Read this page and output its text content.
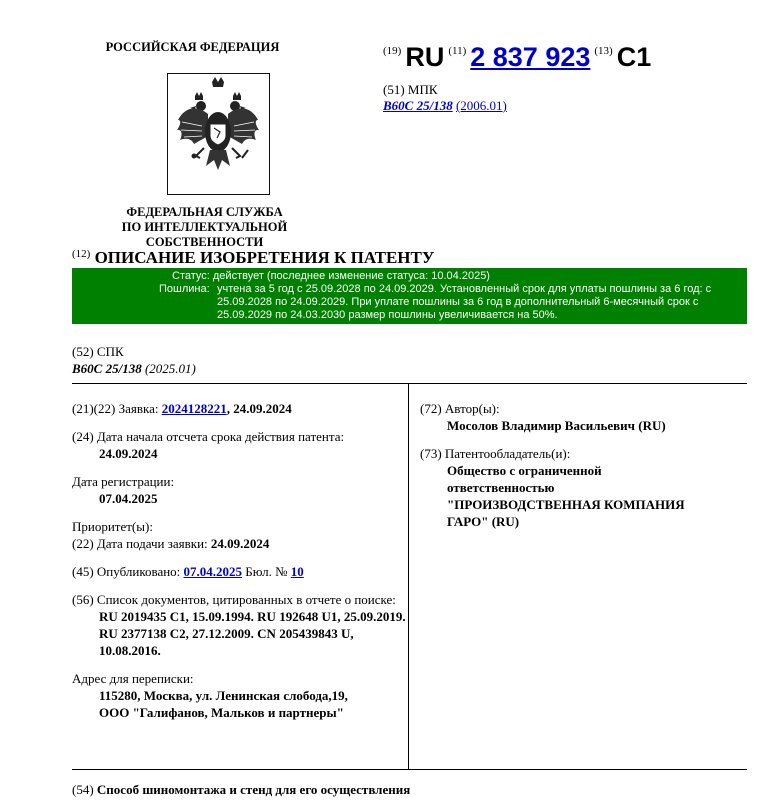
РОССИЙСКАЯ ФЕДЕРАЦИЯ
ФЕДЕРАЛЬНАЯ СЛУЖБА
ПО ИНТЕЛЛЕКТУАЛЬНОЙ СОБСТВЕННОСТИ
$^{(19)}$ RU $^{(11)}$ 2 837 923 $^{(13)}$ C1
(51) МПК
B60C 25/138 (2006.01)
$^{(12)}$ ОПИСАНИЕ ИЗОБРЕТЕНИЯ К ПАТЕНТУ
Статус: действует (последнее изменение статуса: 10.04.2025)
Пошлина: учтена за 5 год с 25.09.2028 по 24.09.2029. Установленный срок для уплаты пошлины за 6 год: с 25.09.2028 по 24.09.2029. При уплате пошлины за 6 год в дополнительный 6-месячный срок с 25.09.2029 по 24.03.2030 размер пошлины увеличивается на 50%.
(52) СПК
B60C 25/138 (2025.01)
(21)(22) Заявка: 2024128221, 24.09.2024
(24) Дата начала отсчета срока действия патента:
24.09.2024
Дата регистрации:
07.04.2025
Приоритет(ы):
(22) Дата подачи заявки: 24.09.2024
(45) Опубликовано: 07.04.2025 Бюл. № 10
(56) Список документов, цитированных в отчете о поиске: RU 2019435 C1, 15.09.1994. RU 192648 U1, 25.09.2019. RU 2377138 C2, 27.12.2009. CN 205439843 U, 10.08.2016.
Адрес для переписки:
115280, Москва, ул. Ленинская слобода,19,
ООО "Галифанов, Мальков и партнеры"
(72) Автор(ы):
Мосолов Владимир Васильевич (RU)
(73) Патентообладатель(и):
Общество с ограниченной
ответственностью
"ПРОИЗВОДСТВЕННАЯ КОМПАНИЯ
ГАРО" (RU)
(54) Способ шиномонтажа и стенд для его осуществления
